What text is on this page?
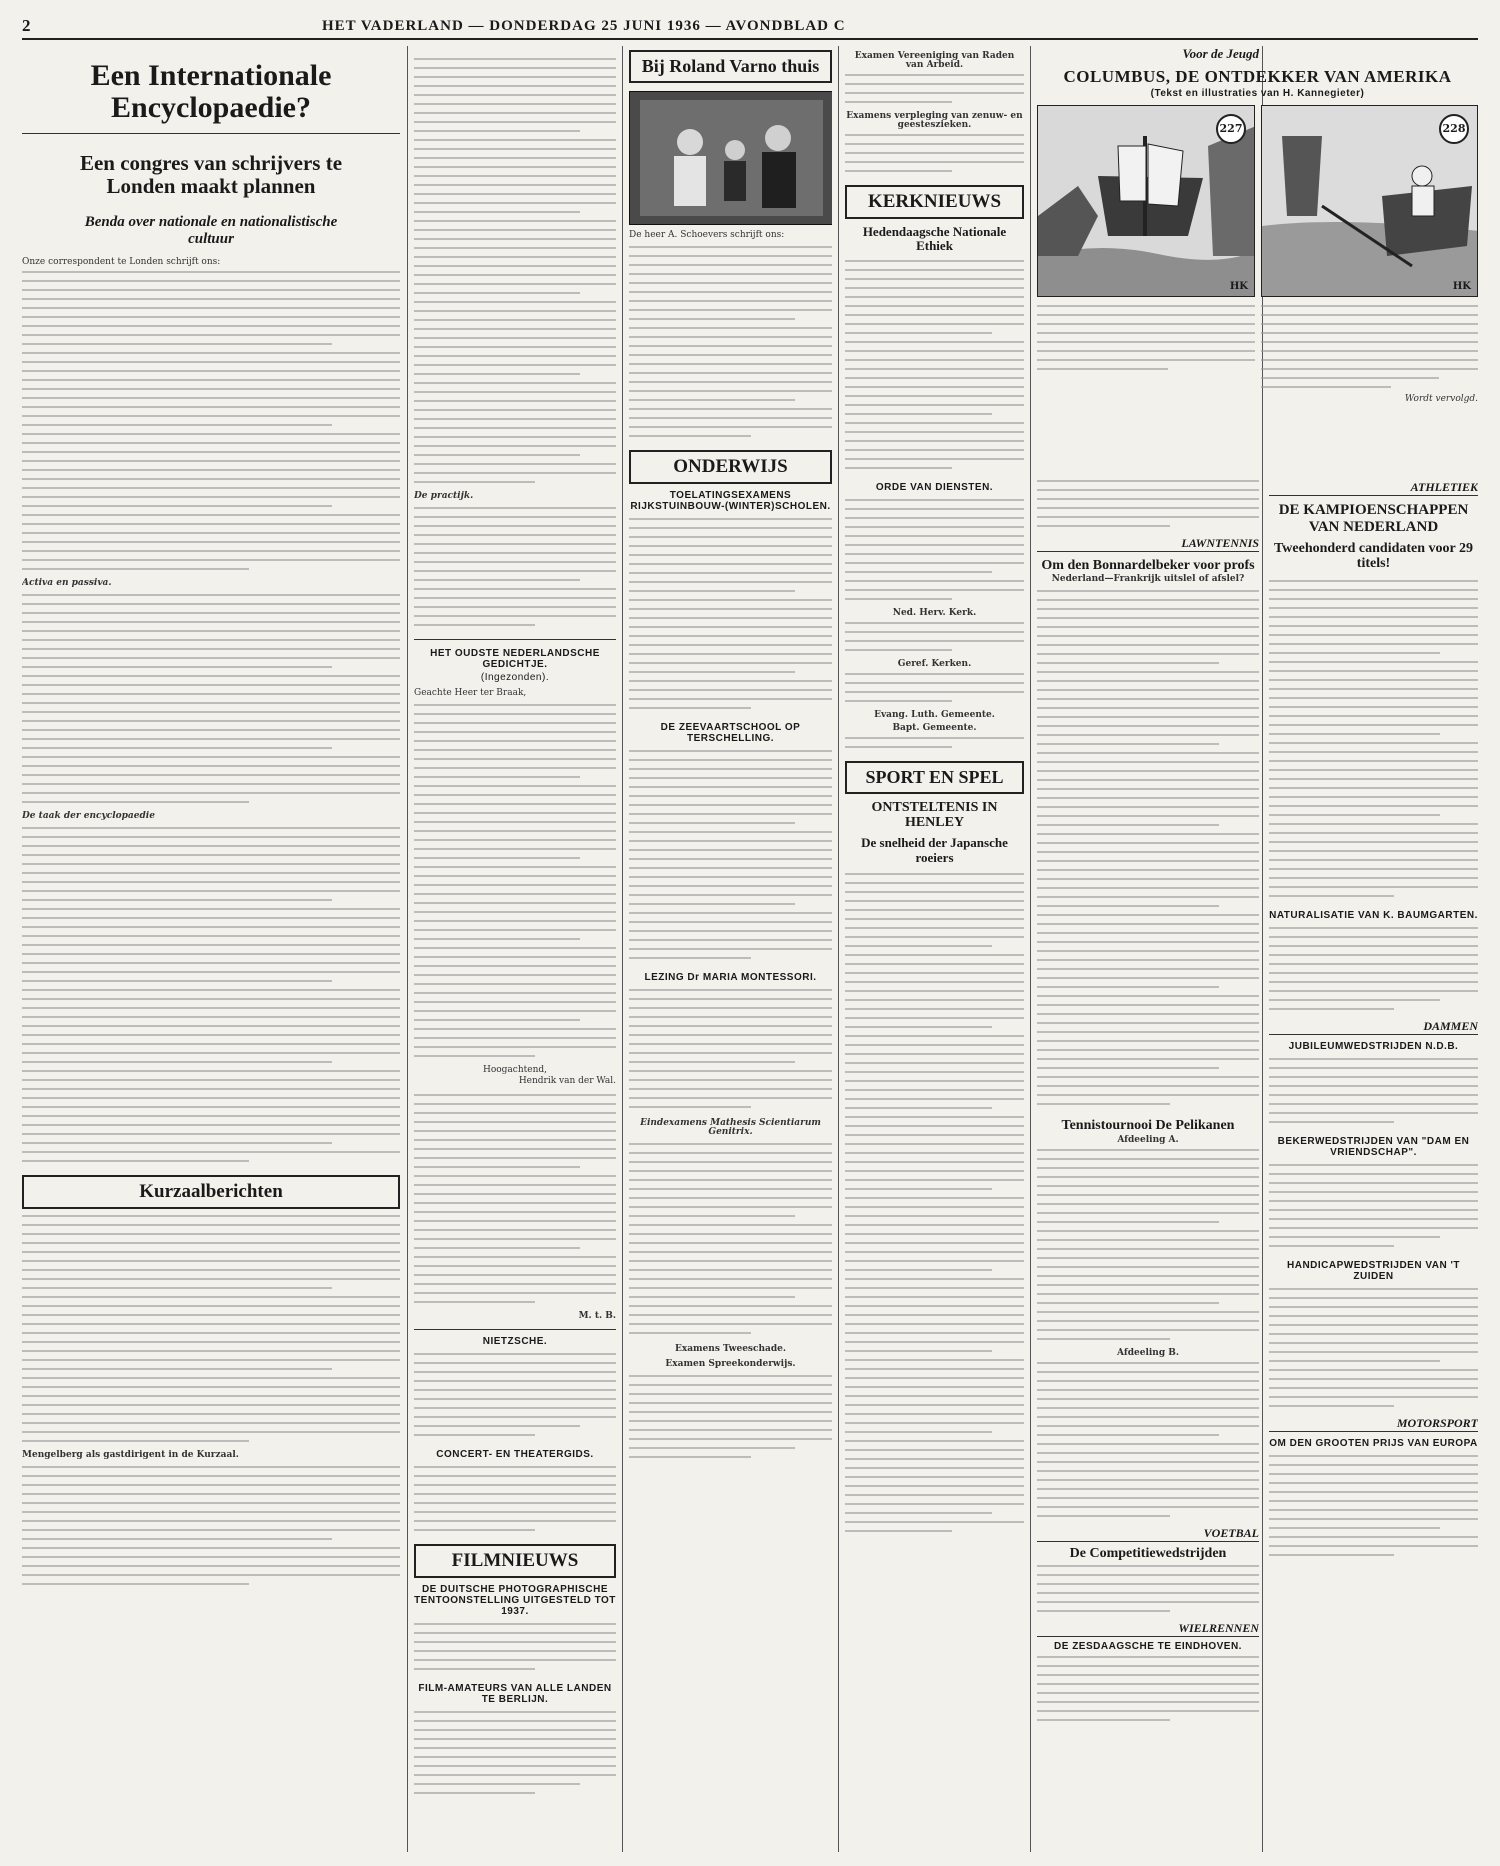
2	HET VADERLAND — DONDERDAG 25 JUNI 1936 — AVONDBLAD C
Een Internationale Encyclopaedie?
Een congres van schrijvers te Londen maakt plannen
Benda over nationale en nationalistische cultuur
Onze correspondent te Londen schrijft ons:
Activa en passiva.
De taak der encyclopaedie
Kurzaalberichten
Mengelberg als gastdirigent in de Kurzaal.
De practijk.
HET OUDSTE NEDERLANDSCHE GEDICHTJE.
(Ingezonden).
Geachte Heer ter Braak,
Hoogachtend,
Hendrik van der Wal.
M. t. B.
NIETZSCHE.
CONCERT- EN THEATERGIDS.
FILMNIEUWS
DE DUITSCHE PHOTOGRAPHISCHE TENTOONSTELLING UITGESTELD TOT 1937.
FILM-AMATEURS VAN ALLE LANDEN TE BERLIJN.
Bij Roland Varno thuis
De heer A. Schoevers schrijft ons:
ONDERWIJS
TOELATINGSEXAMENS RIJKSTUINBOUW-(WINTER)SCHOLEN.
DE ZEEVAARTSCHOOL OP TERSCHELLING.
LEZING Dr MARIA MONTESSORI.
Eindexamens Mathesis Scientiarum Genitrix.
Examens Tweeschade.
Examen Spreekonderwijs.
Examen Vereeniging van Raden van Arbeid.
Examens verpleging van zenuw- en geesteszieken.
KERKNIEUWS
Hedendaagsche Nationale Ethiek
ORDE VAN DIENSTEN.
Ned. Herv. Kerk.
Geref. Kerken.
Evang. Luth. Gemeente.
Bapt. Gemeente.
SPORT EN SPEL
ONTSTELTENIS IN HENLEY
De snelheid der Japansche roeiers
Voor de Jeugd
COLUMBUS, DE ONTDEKKER VAN AMERIKA
(Tekst en illustraties van H. Kannegieter)
227
HK
228
HK
Wordt vervolgd.
LAWNTENNIS
Om den Bonnardelbeker voor profs
Nederland—Frankrijk uitslel of afslel?
Tennistournooi De Pelikanen
Afdeeling A.
Afdeeling B.
VOETBAL
De Competitiewedstrijden
WIELRENNEN
DE ZESDAAGSCHE TE EINDHOVEN.
ATHLETIEK
DE KAMPIOENSCHAPPEN VAN NEDERLAND
Tweehonderd candidaten voor 29 titels!
NATURALISATIE VAN K. BAUMGARTEN.
DAMMEN
JUBILEUMWEDSTRIJDEN N.D.B.
BEKERWEDSTRIJDEN VAN "DAM EN VRIENDSCHAP".
HANDICAPWEDSTRIJDEN VAN 'T ZUIDEN
MOTORSPORT
OM DEN GROOTEN PRIJS VAN EUROPA
